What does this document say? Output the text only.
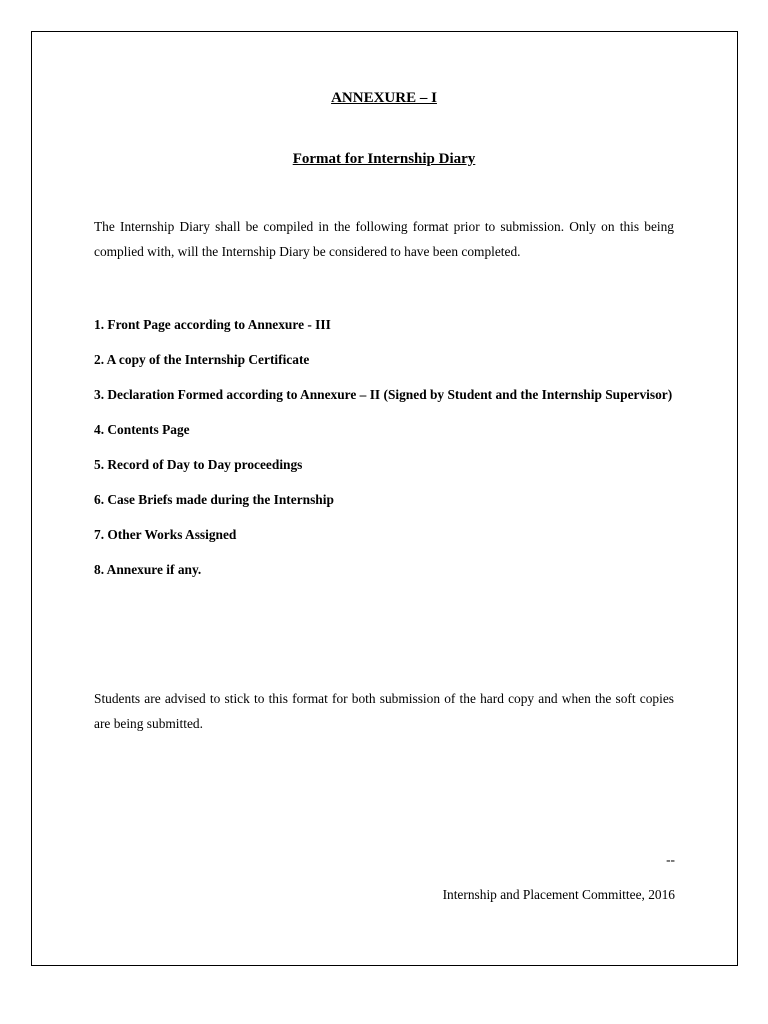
ANNEXURE – I
Format for Internship Diary

The Internship Diary shall be compiled in the following format prior to submission. Only on this being complied with, will the Internship Diary be considered to have been completed.

1. Front Page according to Annexure - III
2. A copy of the Internship Certificate
3. Declaration Formed according to Annexure – II (Signed by Student and the Internship Supervisor)
4. Contents Page
5. Record of Day to Day proceedings
6. Case Briefs made during the Internship
7. Other Works Assigned
8. Annexure if any.

Students are advised to stick to this format for both submission of the hard copy and when the soft copies are being submitted.

--

Internship and Placement Committee, 2016
